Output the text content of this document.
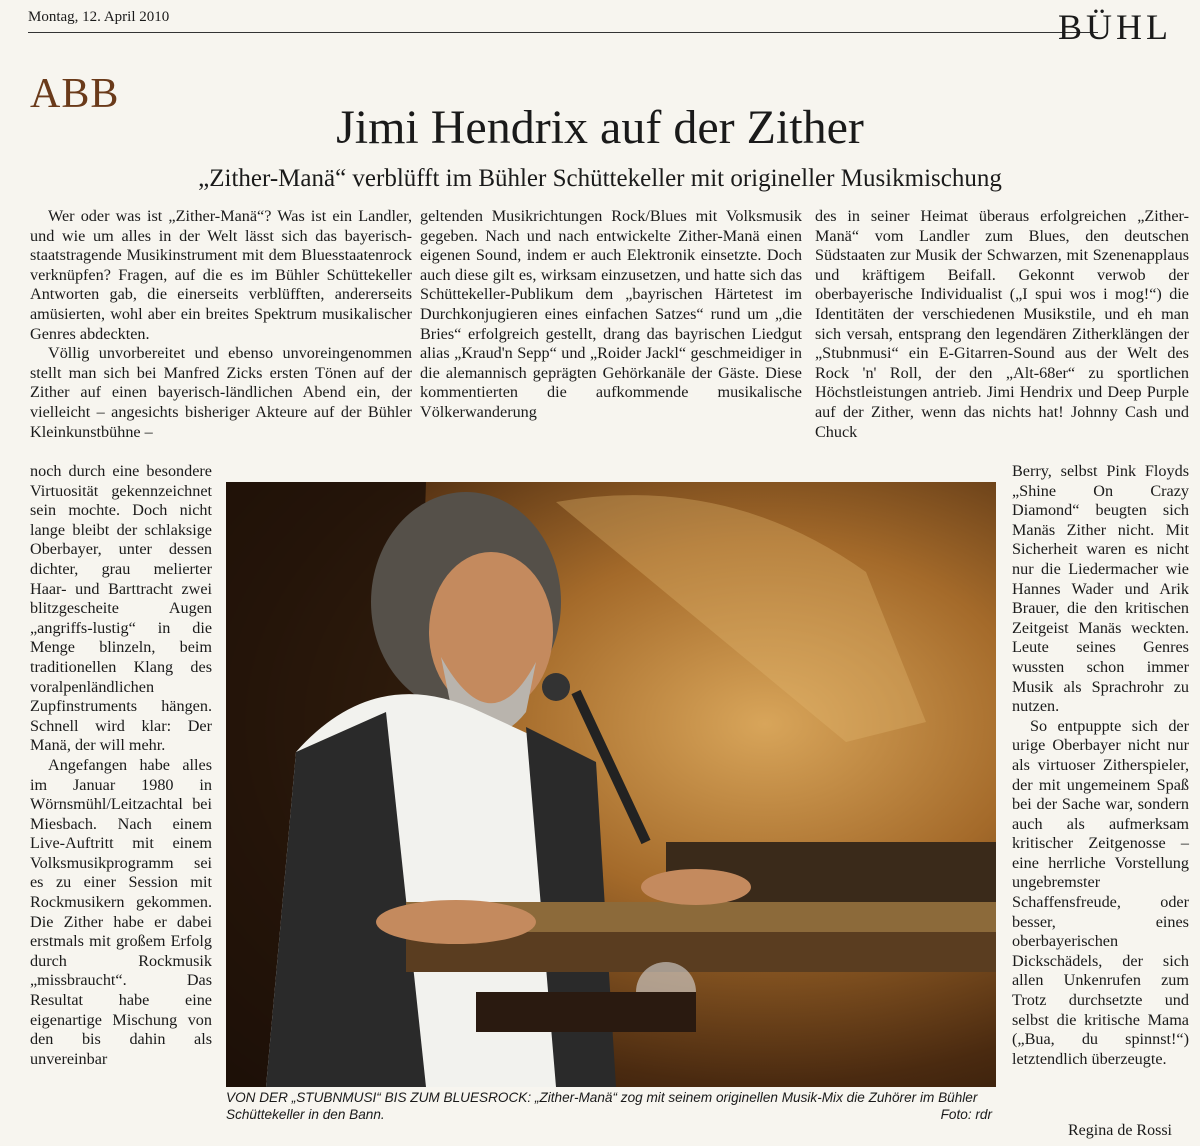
Montag, 12. April 2010	BÜHL
ABB
Jimi Hendrix auf der Zither
„Zither-Manä“ verblüfft im Bühler Schüttekeller mit origineller Musikmischung

Wer oder was ist „Zither-Manä“? Was ist ein Landler, und wie um alles in der Welt lässt sich das bayerisch-staatstragende Musikinstrument mit dem Bluesstaatenrock verknüpfen? Fragen, auf die es im Bühler Schüttekeller Antworten gab, die einerseits verblüfften, andererseits amüsierten, wohl aber ein breites Spektrum musikalischer Genres abdeckten.

Völlig unvorbereitet und ebenso unvoreingenommen stellt man sich bei Manfred Zicks ersten Tönen auf der Zither auf einen bayerisch-ländlichen Abend ein, der vielleicht – angesichts bisheriger Akteure auf der Bühler Kleinkunstbühne –

noch durch eine besondere Virtuosität gekennzeichnet sein mochte. Doch nicht lange bleibt der schlaksige Oberbayer, unter dessen dichter, grau melierter Haar- und Barttracht zwei blitzgescheite Augen „angriffs-lustig“ in die Menge blinzeln, beim traditionellen Klang des voralpenländlichen Zupfinstruments hängen. Schnell wird klar: Der Manä, der will mehr.

Angefangen habe alles im Januar 1980 in Wörnsmühl/Leitzachtal bei Miesbach. Nach einem Live-Auftritt mit einem Volksmusikprogramm sei es zu einer Session mit Rockmusikern gekommen. Die Zither habe er dabei erstmals mit großem Erfolg durch Rockmusik „missbraucht“. Das Resultat habe eine eigenartige Mischung von den bis dahin als unvereinbar

geltenden Musikrichtungen Rock/Blues mit Volksmusik gegeben. Nach und nach entwickelte Zither-Manä einen eigenen Sound, indem er auch Elektronik einsetzte. Doch auch diese gilt es, wirksam einzusetzen, und hatte sich das Schüttekeller-Publikum dem „bayrischen Härtetest im Durchkonjugieren eines einfachen Satzes“ rund um „die Bries“ erfolgreich gestellt, drang das bayrischen Liedgut alias „Kraud'n Sepp“ und „Roider Jackl“ geschmeidiger in die alemannisch geprägten Gehörkanäle der Gäste. Diese kommentierten die aufkommende musikalische Völkerwanderung

des in seiner Heimat überaus erfolgreichen „Zither-Manä“ vom Landler zum Blues, den deutschen Südstaaten zur Musik der Schwarzen, mit Szenenapplaus und kräftigem Beifall. Gekonnt verwob der oberbayerische Individualist („I spui wos i mog!“) die Identitäten der verschiedenen Musikstile, und eh man sich versah, entsprang den legendären Zitherklängen der „Stubnmusi“ ein E-Gitarren-Sound aus der Welt des Rock 'n' Roll, der den „Alt-68er“ zu sportlichen Höchstleistungen antrieb. Jimi Hendrix und Deep Purple auf der Zither, wenn das nichts hat! Johnny Cash und Chuck

Berry, selbst Pink Floyds „Shine On Crazy Diamond“ beugten sich Manäs Zither nicht. Mit Sicherheit waren es nicht nur die Liedermacher wie Hannes Wader und Arik Brauer, die den kritischen Zeitgeist Manäs weckten. Leute seines Genres wussten schon immer Musik als Sprachrohr zu nutzen.

So entpuppte sich der urige Oberbayer nicht nur als virtuoser Zitherspieler, der mit ungemeinem Spaß bei der Sache war, sondern auch als aufmerksam kritischer Zeitgenosse – eine herrliche Vorstellung ungebremster Schaffensfreude, oder besser, eines oberbayerischen Dickschädels, der sich allen Unkenrufen zum Trotz durchsetzte und selbst die kritische Mama („Bua, du spinnst!“) letztendlich überzeugte.

VON DER „STUBNMUSI“ BIS ZUM BLUESROCK: „Zither-Manä“ zog mit seinem originellen Musik-Mix die Zuhörer im Bühler Schüttekeller in den Bann.	Foto: rdr
Regina de Rossi
